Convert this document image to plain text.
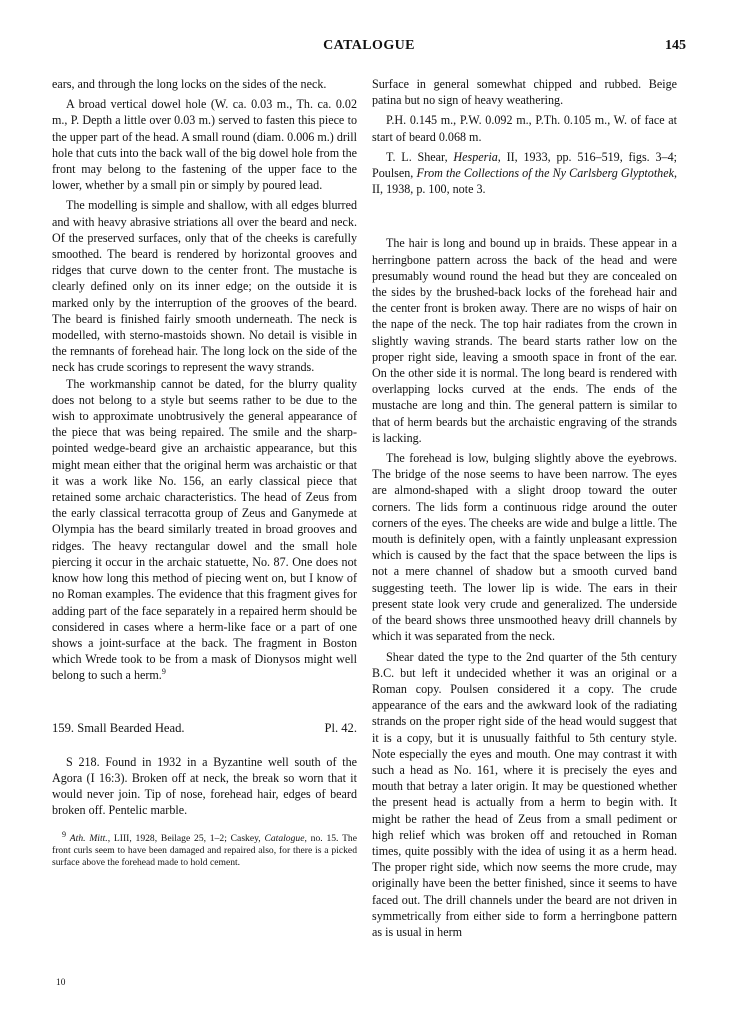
CATALOGUE	145

ears, and through the long locks on the sides of the neck.

A broad vertical dowel hole (W. ca. 0.03 m., Th. ca. 0.02 m., P. Depth a little over 0.03 m.) served to fasten this piece to the upper part of the head. A small round (diam. 0.006 m.) drill hole that cuts into the back wall of the big dowel hole from the front may belong to the fastening of the upper face to the lower, whether by a small pin or simply by poured lead.

The modelling is simple and shallow, with all edges blurred and with heavy abrasive striations all over the beard and neck. Of the preserved surfaces, only that of the cheeks is carefully smoothed. The beard is rendered by horizontal grooves and ridges that curve down to the center front. The mustache is clearly defined only on its inner edge; on the outside it is marked only by the interruption of the grooves of the beard. The beard is finished fairly smooth underneath. The neck is modelled, with sterno-mastoids shown. No detail is visible in the remnants of forehead hair. The long lock on the side of the neck has crude scorings to represent the wavy strands.

The workmanship cannot be dated, for the blurry quality does not belong to a style but seems rather to be due to the wish to approximate unobtrusively the general appearance of the piece that was being repaired. The smile and the sharp-pointed wedge-beard give an archaistic appearance, but this might mean either that the original herm was archaistic or that it was a work like No. 156, an early classical piece that retained some archaic characteristics. The head of Zeus from the early classical terracotta group of Zeus and Ganymede at Olympia has the beard similarly treated in broad grooves and ridges. The heavy rectangular dowel and the small hole piercing it occur in the archaic statuette, No. 87. One does not know how long this method of piecing went on, but I know of no Roman examples. The evidence that this fragment gives for adding part of the face separately in a repaired herm should be considered in cases where a herm-like face or a part of one shows a joint-surface at the back. The fragment in Boston which Wrede took to be from a mask of Dionysos might well belong to such a herm.$^9$

159. Small Bearded Head.	Pl. 42.

S 218. Found in 1932 in a Byzantine well south of the Agora (I 16:3). Broken off at neck, the break so worn that it would never join. Tip of nose, forehead hair, edges of beard broken off. Pentelic marble.

$^9$ Ath. Mitt., LIII, 1928, Beilage 25, 1–2; Caskey, Catalogue, no. 15. The front curls seem to have been damaged and repaired also, for there is a picked surface above the forehead made to hold cement.

10

Surface in general somewhat chipped and rubbed. Beige patina but no sign of heavy weathering.

P.H. 0.145 m., P.W. 0.092 m., P.Th. 0.105 m., W. of face at start of beard 0.068 m.

T. L. Shear, Hesperia, II, 1933, pp. 516–519, figs. 3–4; Poulsen, From the Collections of the Ny Carlsberg Glyptothek, II, 1938, p. 100, note 3.

The hair is long and bound up in braids. These appear in a herringbone pattern across the back of the head and were presumably wound round the head but they are concealed on the sides by the brushed-back locks of the forehead hair and the center front is broken away. There are no wisps of hair on the nape of the neck. The top hair radiates from the crown in slightly waving strands. The beard starts rather low on the proper right side, leaving a smooth space in front of the ear. On the other side it is normal. The long beard is rendered with overlapping locks curved at the ends. The ends of the mustache are long and thin. The general pattern is similar to that of herm beards but the archaistic engraving of the strands is lacking.

The forehead is low, bulging slightly above the eyebrows. The bridge of the nose seems to have been narrow. The eyes are almond-shaped with a slight droop toward the outer corners. The lids form a continuous ridge around the outer corners of the eyes. The cheeks are wide and bulge a little. The mouth is definitely open, with a faintly unpleasant expression which is caused by the fact that the space between the lips is not a mere channel of shadow but a smooth curved band suggesting teeth. The lower lip is wide. The ears in their present state look very crude and generalized. The underside of the beard shows three unsmoothed heavy drill channels by which it was separated from the neck.

Shear dated the type to the 2nd quarter of the 5th century B.C. but left it undecided whether it was an original or a Roman copy. Poulsen considered it a copy. The crude appearance of the ears and the awkward look of the radiating strands on the proper right side of the head would suggest that it is a copy, but it is unusually faithful to 5th century style. Note especially the eyes and mouth. One may contrast it with such a head as No. 161, where it is precisely the eyes and mouth that betray a later origin. It may be questioned whether the present head is actually from a herm to begin with. It might be rather the head of Zeus from a small pediment or high relief which was broken off and retouched in Roman times, quite possibly with the idea of using it as a herm head. The proper right side, which now seems the more crude, may originally have been the better finished, since it seems to have faced out. The drill channels under the beard are not driven in symmetrically from either side to form a herringbone pattern as is usual in herm
